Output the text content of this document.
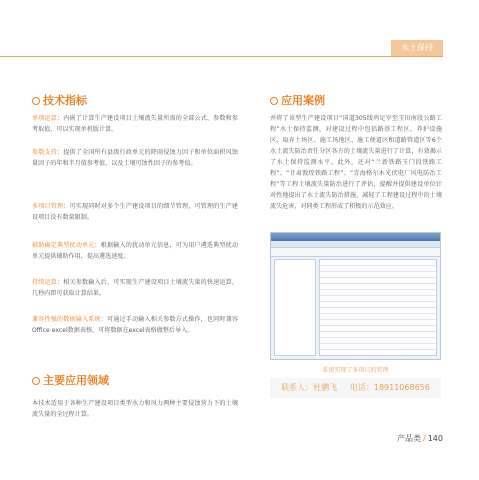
水土保持
技术指标
单项运算：内嵌了计算生产建设项目土壤流失量所需的全部公式、参数和参考取值，可以实现单机版计算。
参数支持：提供了全国所有县级行政单元的降雨侵蚀力因子和单位面积风蚀量因子的年和半月值参考值，以及土壤可蚀性因子的参考值。
多项目管理：可实现同时对多个生产建设项目的细节管理，可管理的生产建设项目没有数量限制。
辅助确定典型扰动单元：根据输入的扰动单元信息，可为用户遴选典型扰动单元提供辅助作用，提高遴选速度。
持续运算：相关参数输入后，可实现生产建设项目土壤流失量的快速运算，几秒内即可获取计算结果。
兼容性强的数据输入系统：可通过手动输入相关参数方式操作，也同时兼容Office excel数据表格，可将数据在excel表格做整后导入。
主要应用领域
本技术适用于各种生产建设项目类型水力和风力两种主要侵蚀营力下的土壤流失量的全过程计算。
应用案例
并将了该型生产建设项目“国道305线鸡足宰至玉田南段公路工程”水土保持监测，对建设过程中包括路基工程区、养护设施区、取弃土场区、施工场地区、施工便道区和道路管道区等6个水土流失防治责任分区各方的土壤流失量进行了计算，有效揭示了水土保持监测水平。此外，还对“兰新铁路玉门段铁路工程”、“甘肃敦煌铁路工程”、“青海格尔木光伏电厂风电防治工程”等工程土壤流失量防治进行了评估，提醒并提供建设单位针对性地提出了水土流失防治措施，减轻了工程建设过程中的土壤流失危害，对同类工程形成了积极的示范效应。
系统实现了多项目的管理
联系人：杜鹏飞 电话：18911068656
产品类 / 140
